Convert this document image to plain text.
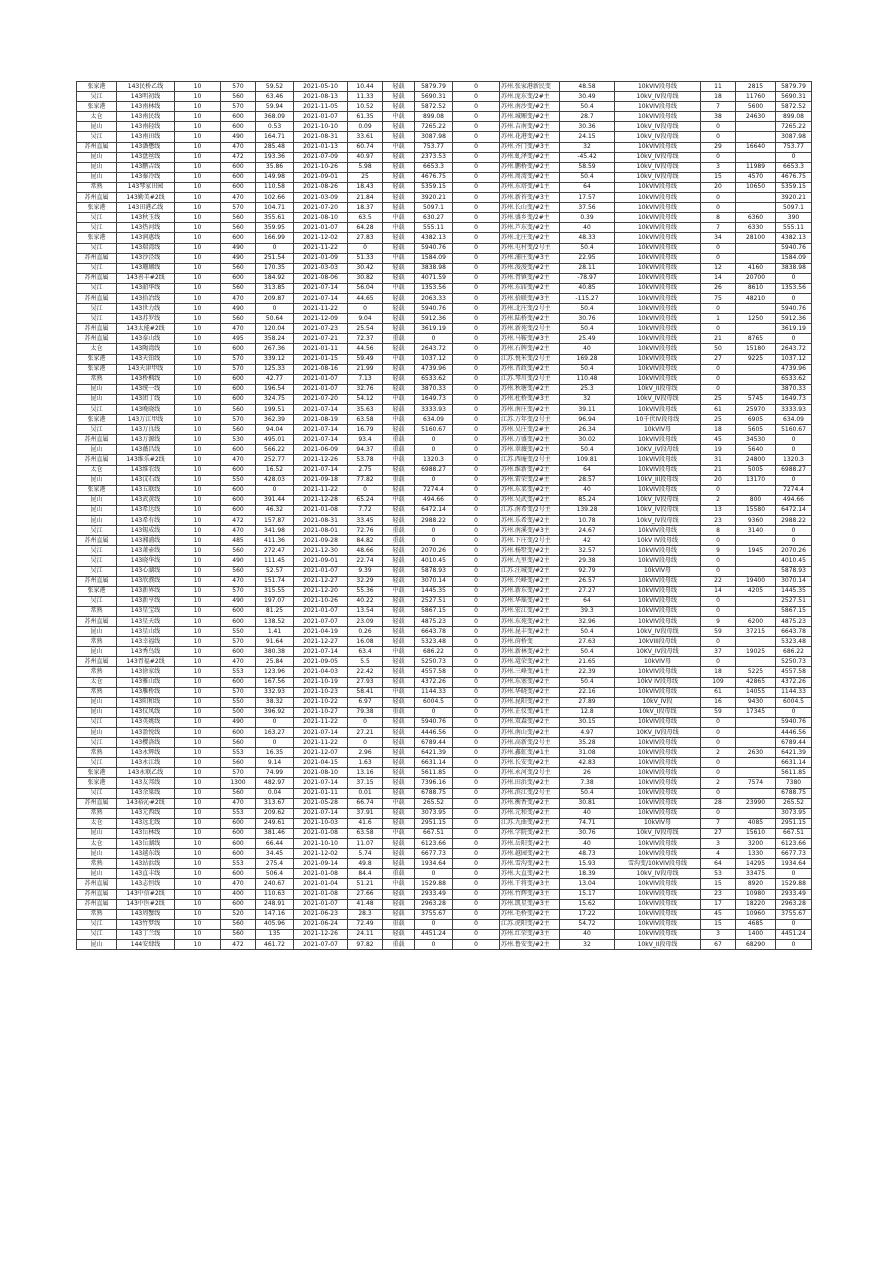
张家港	143民桥乙线	10	570	59.52	2021-05-10	10.44	轻载	5879.79	0	苏州.张家港新民变	48.58	10kVIV段母线	11	2815	5879.79
吴江	143明初线	10	560	63.46	2021-08-13	11.33	轻载	5690.31	0	苏州.庞东变/2#主	30.49	10kV_IV段母线	18	11760	5690.31
张家港	143南林线	10	570	59.94	2021-11-05	10.52	轻载	5872.52	0	苏州.南沙变/#2主	50.4	10kVIV段母线	7	5600	5872.52
太仓	143南民线	10	600	368.09	2021-01-07	61.35	中载	899.08	0	苏州.城厢变/#2主	28.7	10kVIV段母线	38	24630	899.08
昆山	143南轻线	10	600	0.53	2021-10-10	0.09	轻载	7265.22	0	苏州.吉南变/#2主	30.36	10kV_IV段母线	0		7265.22
吴江	143南田线	10	490	164.71	2021-08-31	33.61	轻载	3087.98	0	苏州.花港变/#2主	24.15	10kV_IV段母线	0		3087.98
苏州直属	143潘懋线	10	470	285.48	2021-01-13	60.74	中载	753.77	0	苏州.齐门变/#3主	32	10kVIV段母线	29	16640	753.77
昆山	143盘丝线	10	472	193.36	2021-07-09	40.97	轻载	2373.53	0	苏州.虬泽变/#2主	-45.42	10kV_IV段母线	0		0
昆山	143鹏吉线	10	600	35.86	2021-10-26	5.98	轻载	6653.3	0	苏州.鹏桥变/#2主	58.59	10kV_IV段母线	3	11989	6653.3
昆山	143秦冷线	10	600	149.98	2021-09-01	25	轻载	4676.75	0	苏州.周湾变/#2主	50.4	10kV_IV段母线	15	4570	4676.75
常熟	143琴家田园	10	600	110.58	2021-08-26	18.43	轻载	5359.15	0	苏州.东塔变/#1主	64	10kVIV段母线	20	10650	5359.15
苏州直属	143勤美#2线	10	470	102.66	2021-03-09	21.84	轻载	3920.21	0	苏州.新苔变/#3主	17.57	10kVIV段母线	0		3920.21
张家港	143田港乙线	10	570	104.71	2021-07-20	18.37	轻载	5097.1	0	苏州.长山变/#2主	37.56	10kVIV段母线	0		5097.1
吴江	143秋玉线	10	560	355.61	2021-08-10	63.5	中载	630.27	0	苏州.盛乡变/2#主	0.39	10kVIV段母线	8	6360	390
吴江	143热河线	10	560	359.95	2021-01-07	64.28	中载	555.11	0	苏州.芦东变/#2主	40	10kVIV段母线	7	6330	555.11
张家港	143润惠线	10	600	166.99	2021-12-02	27.83	轻载	4382.13	0	苏州.北庄变/#2主	48.33	10kVIV段母线	34	28100	4382.13
吴江	143瑞湾线	10	490	0	2021-11-22	0	轻载	5940.76	0	苏州.屯村变/2号主	50.4	10kVIV段母线	0		5940.76
苏州直属	143沙泾线	10	490	251.54	2021-01-09	51.33	中载	1584.09	0	苏州.浦庄变/#3主	22.95	10kVIV段母线	0		1584.09
吴江	143珊瑚线	10	560	170.35	2021-03-03	30.42	轻载	3838.98	0	苏州.浚浚变/#2主	28.11	10kVIV段母线	12	4160	3838.98
苏州直属	143善丰#2线	10	600	184.92	2021-08-06	30.82	轻载	4071.59	0	苏州.胥镇变/#2主	-78.97	10kVIV段母线	14	20700	0
吴江	143韶华线	10	560	313.85	2021-07-14	56.04	中载	1353.56	0	苏州.东庙变/#2主	40.85	10kVIV段母线	26	8610	1353.56
苏州直属	143拾冶线	10	470	209.87	2021-07-14	44.65	轻载	2063.33	0	苏州.拾联变/#3主	-115.27	10kVIV段母线	75	48210	0
吴江	143世力线	10	490	0	2021-11-22	0	轻载	5940.76	0	苏州.北庄变/2号主	50.4	10kVIV段母线	0		5940.76
吴江	143苏罗线	10	560	50.64	2021-12-09	9.04	轻载	5912.36	0	苏州.陆桥变/#2主	30.76	10kVIV段母线	1	1250	5912.36
苏州直属	143太能#2线	10	470	120.04	2021-07-23	25.54	轻载	3619.19	0	苏州.新苑变/2号主	50.4	10kVIV段母线	0		3619.19
苏州直属	143泰山线	10	495	358.24	2021-07-21	72.37	重载	0	0	苏州.马鞍变/#3主	25.49	10kVIV段母线	21	8765	0
太仓	143陶湾线	10	600	267.36	2021-01-11	44.56	轻载	2643.72	0	苏州.石牌变/#2主	40	10kVIV段母线	50	15180	2643.72
张家港	143天铂线	10	570	339.12	2021-01-15	59.49	中载	1037.12	0	江苏.悦米变/2号主	169.28	10kVIV段母线	27	9225	1037.12
张家港	143天津甲线	10	570	125.33	2021-08-16	21.99	轻载	4739.96	0	苏州.晋政变/#2主	50.4	10kVIV段母线	0		4739.96
常熟	143桥枫线	10	600	42.77	2021-01-07	7.13	轻载	6533.62	0	江苏.琴川变/2号主	110.48	10kVIV段母线	0		6533.62
昆山	143统一线	10	600	196.54	2021-01-07	32.76	轻载	3870.33	0	苏州.秋塘变/#2主	25.3	10kV_II段母线	0		3870.33
昆山	143团丁线	10	600	324.75	2021-07-20	54.12	中载	1649.73	0	苏州.杜桥变/#3主	32	10kV_IV段母线	25	5745	1649.73
吴江	143晚晓线	10	560	199.51	2021-07-14	35.63	轻载	3333.93	0	苏州.南庄变/#2主	39.11	10kVIV段母线	61	25970	3333.93
张家港	143万江甲线	10	570	362.39	2021-08-19	63.58	中载	634.09	0	江苏.万年变/2号主	96.94	10千伏IV段母线	25	6905	634.09
吴江	143万良线	10	560	94.04	2021-07-14	16.79	轻载	5160.67	0	苏州.吴庄变/2#主	26.34	10kVIV母	18	5605	5160.67
苏州直属	143万源线	10	530	495.01	2021-07-14	93.4	重载	0	0	苏州.万盛变/#2主	30.02	10kVIV段母线	45	34530	0
昆山	143薇昌线	10	600	566.22	2021-06-09	94.37	重载	0	0	苏州.翠薇变/#2主	50.4	10KV_IV段母线	19	5640	0
苏州直属	143维乐#2线	10	470	252.77	2021-12-26	53.78	中载	1320.3	0	江苏.西庵变/2号主	109.81	10kVIV段母线	31	24800	1320.3
太仓	143维农线	10	600	16.52	2021-07-14	2.75	轻载	6988.27	0	苏州.维新变/#2主	64	10kVIV段母线	21	5005	6988.27
昆山	143汶石线	10	550	428.03	2021-09-18	77.82	重载	0	0	苏州.雷荣变/2#主	28.57	10kV_III段母线	20	13170	0
张家港	143五联线	10	600	0	2021-11-22	0	轻载	7274.4	0	苏州.东菜变/#2主	40	10kVIV段母线	0		7274.4
昆山	143武黄线	10	600	391.44	2021-12-28	65.24	中载	494.66	0	苏州.吴武变/#2主	85.24	10kV_IV段母线	2	800	494.66
昆山	143希达线	10	600	46.32	2021-01-08	7.72	轻载	6472.14	0	江苏.南希变/2号主	139.28	10kV_IV段母线	13	15580	6472.14
昆山	143希有线	10	472	157.87	2021-08-31	33.45	轻载	2988.22	0	苏州.乐希变/#2主	10.78	10kV_IV段母线	23	9360	2988.22
吴江	143锡成线	10	470	341.98	2021-08-01	72.76	重载	0	0	苏州.南溪变/#3主	24.67	10kVIV段母线	8	3140	0
苏州直属	143湘浦线	10	485	411.36	2021-09-28	84.82	重载	0	0	苏州.下庄变/2号主	42	10kV IV段母线	0		0
吴江	143萧壶线	10	560	272.47	2021-12-30	48.66	轻载	2070.26	0	苏州.杨墅变/#2主	32.57	10kVIV段母线	9	1945	2070.26
吴江	143晓华线	10	490	111.45	2021-09-01	22.74	轻载	4010.45	0	苏州.九里变/#2主	29.38	10kVIV段母线	0		4010.45
吴江	143心湖线	10	560	52.57	2021-01-07	9.39	轻载	5878.93	0	江苏.汪城变/#2主	92.79	10kVIV母	0		5878.93
苏州直属	143欣濮线	10	470	151.74	2021-12-27	32.29	轻载	3070.14	0	苏州.兴峰变/#2主	26.57	10kVIV段母线	22	19400	3070.14
张家港	143新界线	10	570	315.55	2021-12-20	55.36	中载	1445.35	0	苏州.新东变/#2主	27.27	10kVIV段母线	14	4205	1445.35
吴江	143新亨线	10	490	197.07	2021-10-26	40.22	轻载	2527.51	0	苏州.华瑶变/#2主	64	10kVIV段母线	0		2527.51
常熟	143星宝线	10	600	81.25	2021-01-07	13.54	轻载	5867.15	0	苏州.宏江变/#2主	39.3	10kVIV段母线	0		5867.15
苏州直属	143星天线	10	600	138.52	2021-07-07	23.09	轻载	4875.23	0	苏州.东苑变/#2主	32.96	10kVIV段母线	9	6200	4875.23
昆山	143星山线	10	550	1.41	2021-04-19	0.26	轻载	6643.78	0	苏州.昆丰变/#2主	50.4	10kV_IV段母线	59	37215	6643.78
常熟	143幸福线	10	570	91.64	2021-12-27	16.08	轻载	5323.48	0	苏州.莳桥变	27.63	10kVIII段母线	0		5323.48
昆山	143秀鸟线	10	600	380.38	2021-07-14	63.4	中载	686.22	0	苏州.新林变/#2主	50.4	10KV_IV段母线	37	19025	686.22
苏州直属	143胥福#2线	10	470	25.84	2021-09-05	5.5	轻载	5250.73	0	苏州.鼋荣变/#2主	21.65	10kVIV母	0		5250.73
常熟	143徐家线	10	553	123.96	2021-04-03	22.42	轻载	4557.58	0	苏州.三峰变/#1主	22.39	10kVIV段母线	18	5225	4557.58
太仓	143雅山线	10	600	167.56	2021-10-19	27.93	轻载	4372.26	0	苏州.东塞变/#2主	50.4	10kV IV段母线	109	42865	4372.26
常熟	143雁桥线	10	570	332.93	2021-10-23	58.41	中载	1144.33	0	苏州.华晓变/#2主	22.16	10kVIV段母线	61	14055	1144.33
昆山	143阳和线	10	550	38.32	2021-10-22	6.97	轻载	6004.5	0	苏州.昆阳变/#2主	27.89	10kV_IV段	16	9430	6004.5
昆山	143仪凤线	10	500	396.92	2021-10-27	79.38	重载	0	0	苏州.正仪变/#1主	12.8	10kV_I段母线	59	17345	0
吴江	143英姚线	10	490	0	2021-11-22	0	轻载	5940.76	0	苏州.双森变/#2主	30.15	10kVIV段母线	0		5940.76
昆山	143盈悦线	10	600	163.27	2021-07-14	27.21	轻载	4446.56	0	苏州.南山变/#2主	4.97	10KV_IV段母线	0		4446.56
吴江	143樱洛线	10	560	0	2021-11-22	0	轻载	6789.44	0	苏州.高新变/2号主	35.28	10kVIV段母线	0		6789.44
常熟	143永辉线	10	553	16.35	2021-12-07	2.96	轻载	6421.39	0	苏州.鑫虹变/#1主	31.08	10kVIV段母线	2	2630	6421.39
吴江	143永江线	10	560	9.14	2021-04-15	1.63	轻载	6631.14	0	苏州.长安变/#2主	42.83	10kVIV段母线	0		6631.14
张家港	143永联乙线	10	570	74.99	2021-08-10	13.16	轻载	5611.85	0	苏州.永河变/2号主	26	10kVIV段母线	0		5611.85
张家港	143友邦线	10	1300	482.97	2021-07-14	37.15	轻载	7396.16	0	苏州.田浜变/#2主	7.38	10kVIV段母线	2	7574	7380
吴江	143余粱线	10	560	0.04	2021-01-11	0.01	轻载	6788.75	0	苏州.滨江变/2号主	50.4	10kVIV段母线	0		6788.75
苏州直属	143裕沁#2线	10	470	313.67	2021-05-28	66.74	中载	265.52	0	苏州.衡香变/#2主	30.81	10kVIV段母线	28	23990	265.52
常熟	143元西线	10	553	209.62	2021-07-14	37.91	轻载	3073.95	0	苏州.元和变/#2主	40	10kVIV段母线	0		3073.95
太仓	143远北线	10	600	249.61	2021-10-03	41.6	轻载	2951.15	0	江苏.九曲变/#2主	74.71	10kVIV母	7	4085	2951.15
昆山	143岳林线	10	600	381.46	2021-01-08	63.58	中载	667.51	0	苏州.学院变/#2主	30.76	10kV_IV段母线	27	15610	667.51
太仓	143岳湖线	10	600	66.44	2021-10-10	11.07	轻载	6123.66	0	苏州.岳阳变/#2主	40	10kVIV段母线	3	3200	6123.66
昆山	143越东线	10	600	34.45	2021-12-02	5.74	轻载	6677.73	0	苏州.越园变/#2主	48.73	10kVIV段母线	4	1330	6677.73
常熟	143站浜线	10	553	275.4	2021-09-14	49.8	轻载	1934.64	0	苏州.雪沟变/#2主	15.93	雪沟变/10kVIV段母线	64	14295	1934.64
昆山	143直丰线	10	600	506.4	2021-01-08	84.4	重载	0	0	苏州.大直变/#2主	18.39	10kV_IV段母线	53	33475	0
苏州直属	143志恒线	10	470	240.67	2021-01-04	51.21	中载	1529.88	0	苏州.干将变/#3主	13.04	10kVIV段母线	15	8920	1529.88
苏州直属	143中信#2线	10	400	110.63	2021-01-08	27.66	轻载	2933.49	0	苏州.竹辉变/#3主	15.17	10kVIV段母线	23	10980	2933.49
苏州直属	143中医#2线	10	600	248.91	2021-01-07	41.48	轻载	2963.28	0	苏州.凯星变/#3主	15.62	10kVIV段母线	17	18220	2963.28
常熟	143周蟹线	10	520	147.16	2021-06-23	28.3	轻载	3755.67	0	苏州.毛桥变/#2主	17.22	10kVIV段母线	45	10960	3755.67
吴江	143竹梦线	10	560	405.96	2021-06-24	72.49	重载	0	0	江苏.虎阳变/#2主	54.72	10kVIV段母线	15	4685	0
吴江	143丁兰线	10	560	135	2021-12-26	24.11	轻载	4451.24	0	苏州.红荣变/#3主	40	10kVIV段母线	3	1400	4451.24
昆山	144安肆线	10	472	461.72	2021-07-07	97.82	重载	0	0	苏州.鲁安变/#2主	32	10kV_II段母线	67	68290	0
